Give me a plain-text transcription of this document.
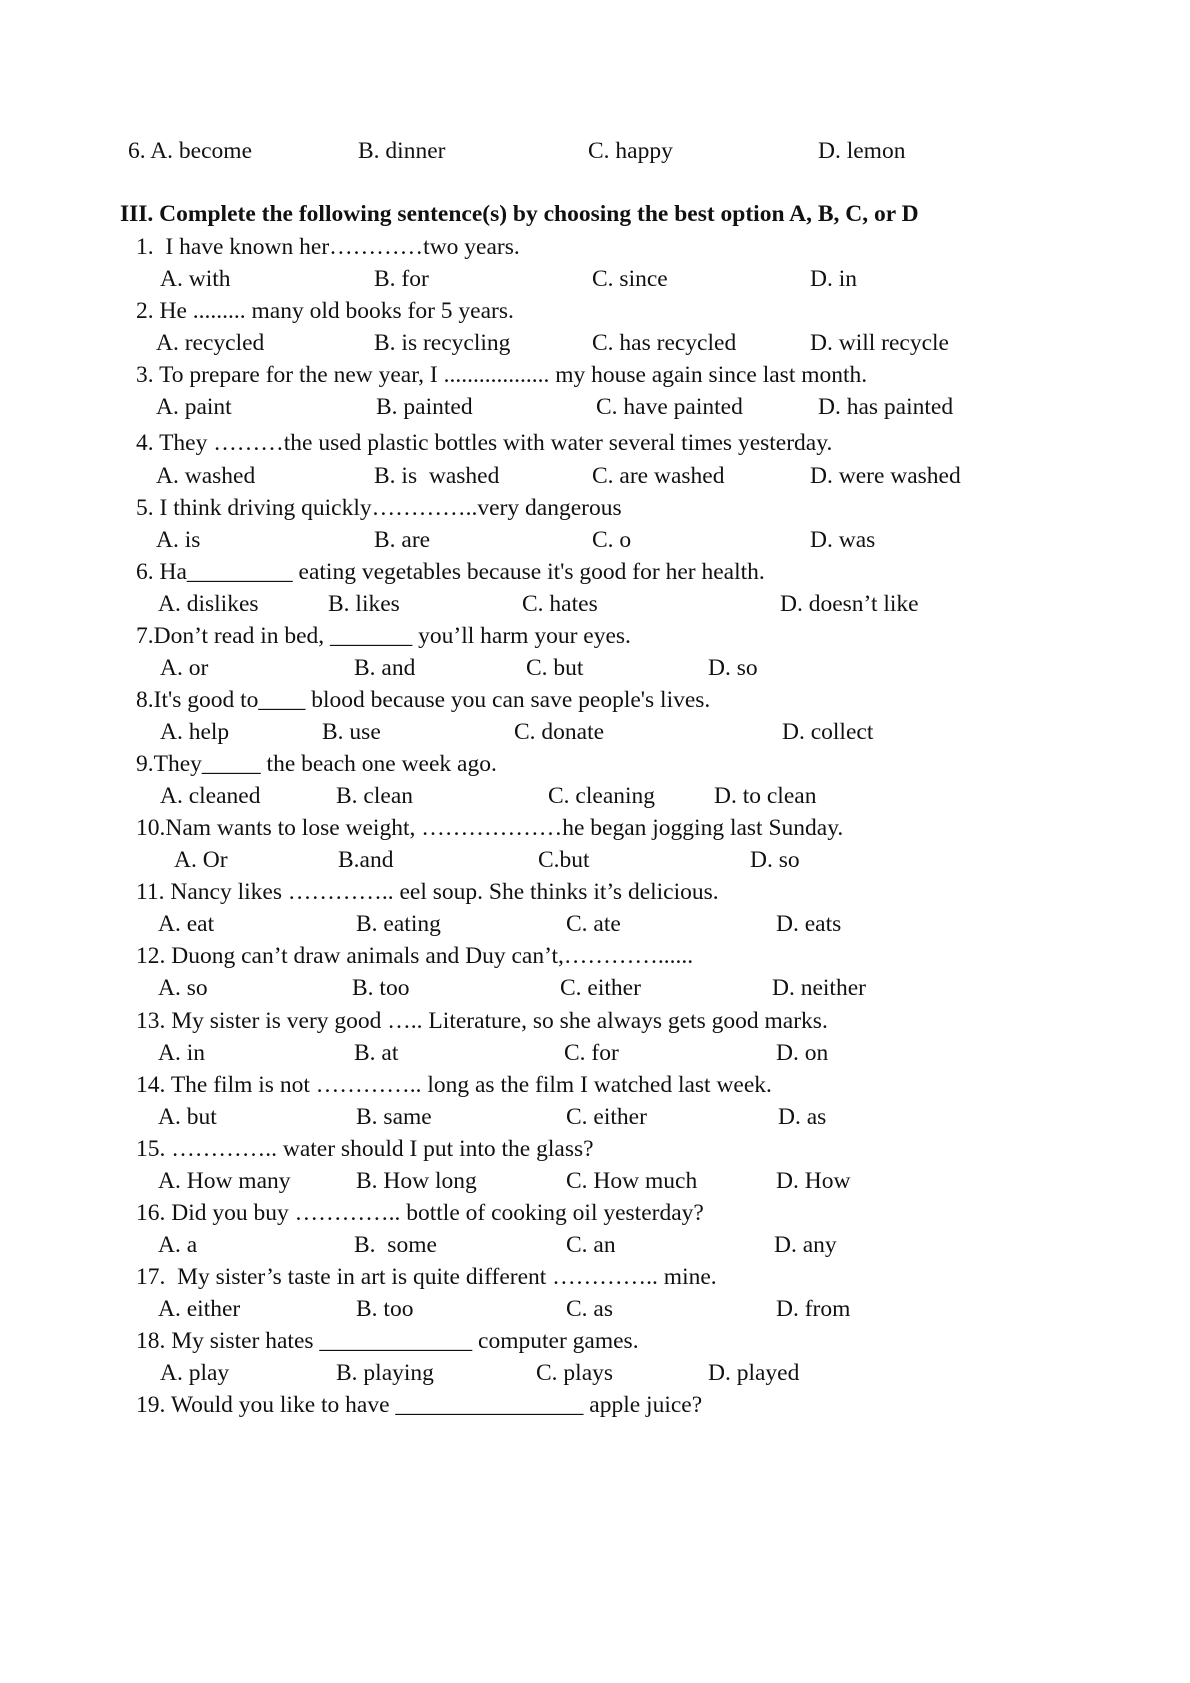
6. A. become	B. dinner	C. happy	D. lemon
III. Complete the following sentence(s) by choosing the best option A, B, C, or D
1.  I have known her…………two years.
A. with	B. for	C. since	D. in
2. He ......... many old books for 5 years.
A. recycled	B. is recycling	C. has recycled	D. will recycle
3. To prepare for the new year, I .................. my house again since last month.
A. paint	B. painted	C. have painted	D. has painted
4. They ………the used plastic bottles with water several times yesterday.
A. washed	B. is  washed	C. are washed	D. were washed
5. I think driving quickly…………..very dangerous
A. is	B. are	C. o	D. was
6. Ha_________ eating vegetables because it's good for her health.
A. dislikes	B. likes	C. hates	D. doesn’t like
7.Don’t read in bed, _______ you’ll harm your eyes.
A. or	B. and	C. but	D. so
8.It's good to____ blood because you can save people's lives.
A. help	B. use	C. donate	D. collect
9.They_____ the beach one week ago.
A. cleaned	B. clean	C. cleaning	D. to clean
10.Nam wants to lose weight, ………………he began jogging last Sunday.
A. Or	B.and	C.but	D. so
11. Nancy likes ………….. eel soup. She thinks it’s delicious.
A. eat	B. eating	C. ate	D. eats
12. Duong can’t draw animals and Duy can’t,…………......
A. so	B. too	C. either	D. neither
13. My sister is very good ….. Literature, so she always gets good marks.
A. in	B. at	C. for	D. on
14. The film is not ………….. long as the film I watched last week.
A. but	B. same	C. either	D. as
15. ………….. water should I put into the glass?
A. How many	B. How long	C. How much	D. How
16. Did you buy ………….. bottle of cooking oil yesterday?
A. a	B.  some	C. an	D. any
17.  My sister’s taste in art is quite different ………….. mine.
A. either	B. too	C. as	D. from
18. My sister hates _____________ computer games.
A. play	B. playing	C. plays	D. played
19. Would you like to have ________________ apple juice?
